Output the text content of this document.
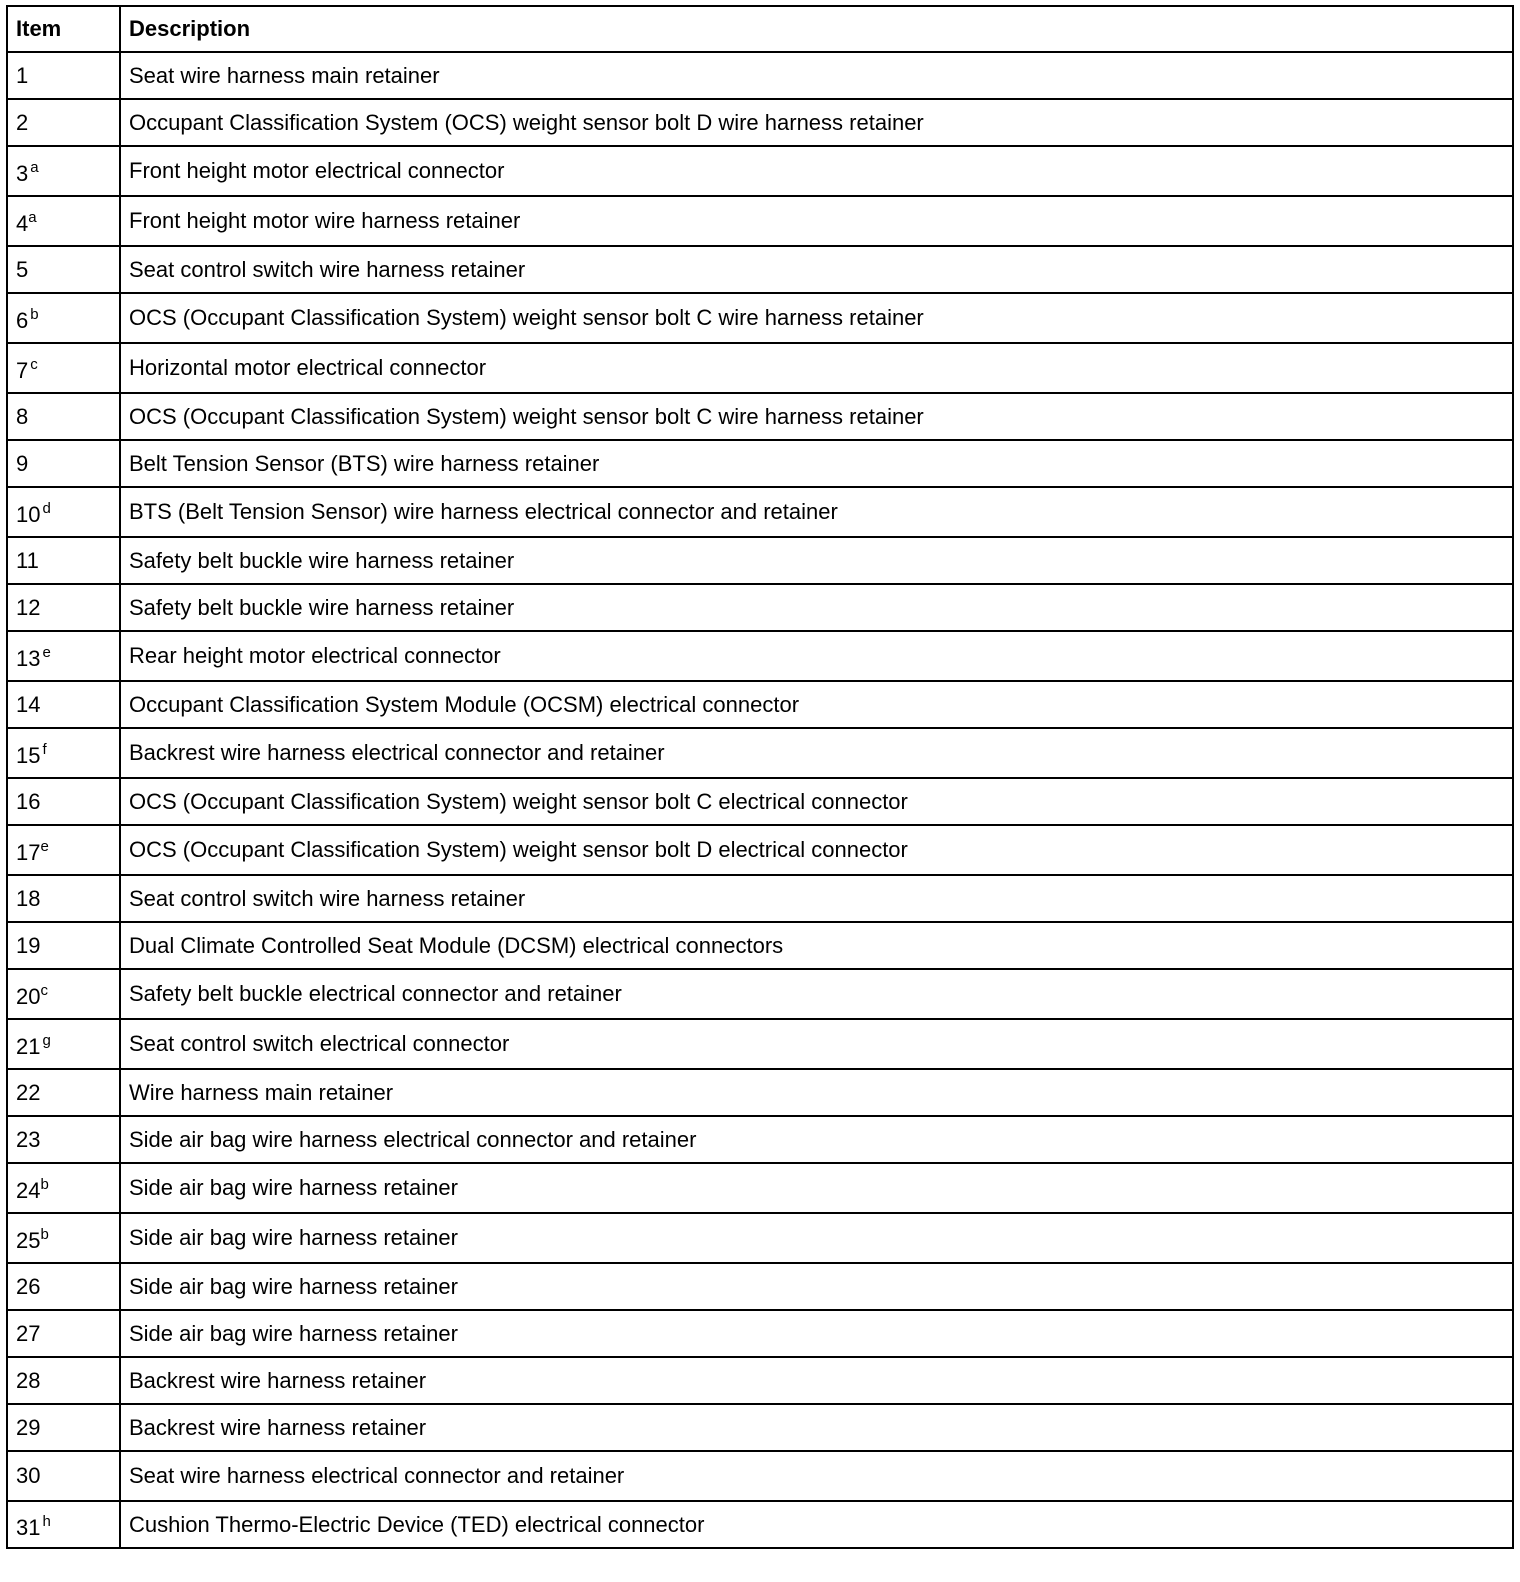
Item	Description
1	Seat wire harness main retainer
2	Occupant Classification System (OCS) weight sensor bolt D wire harness retainer
3 $^a$	Front height motor electrical connector
4$^a$	Front height motor wire harness retainer
5	Seat control switch wire harness retainer
6 $^b$	OCS (Occupant Classification System) weight sensor bolt C wire harness retainer
7 $^c$	Horizontal motor electrical connector
8	OCS (Occupant Classification System) weight sensor bolt C wire harness retainer
9	Belt Tension Sensor (BTS) wire harness retainer
10 $^d$	BTS (Belt Tension Sensor) wire harness electrical connector and retainer
11	Safety belt buckle wire harness retainer
12	Safety belt buckle wire harness retainer
13 $^e$	Rear height motor electrical connector
14	Occupant Classification System Module (OCSM) electrical connector
15 $^f$	Backrest wire harness electrical connector and retainer
16	OCS (Occupant Classification System) weight sensor bolt C electrical connector
17e	OCS (Occupant Classification System) weight sensor bolt D electrical connector
18	Seat control switch wire harness retainer
19	Dual Climate Controlled Seat Module (DCSM) electrical connectors
20$^c$	Safety belt buckle electrical connector and retainer
21 $^g$	Seat control switch electrical connector
22	Wire harness main retainer
23	Side air bag wire harness electrical connector and retainer
24$^b$	Side air bag wire harness retainer
25$^b$	Side air bag wire harness retainer
26	Side air bag wire harness retainer
27	Side air bag wire harness retainer
28	Backrest wire harness retainer
29	Backrest wire harness retainer
30	Seat wire harness electrical connector and retainer
31 $^h$	Cushion Thermo-Electric Device (TED) electrical connector
